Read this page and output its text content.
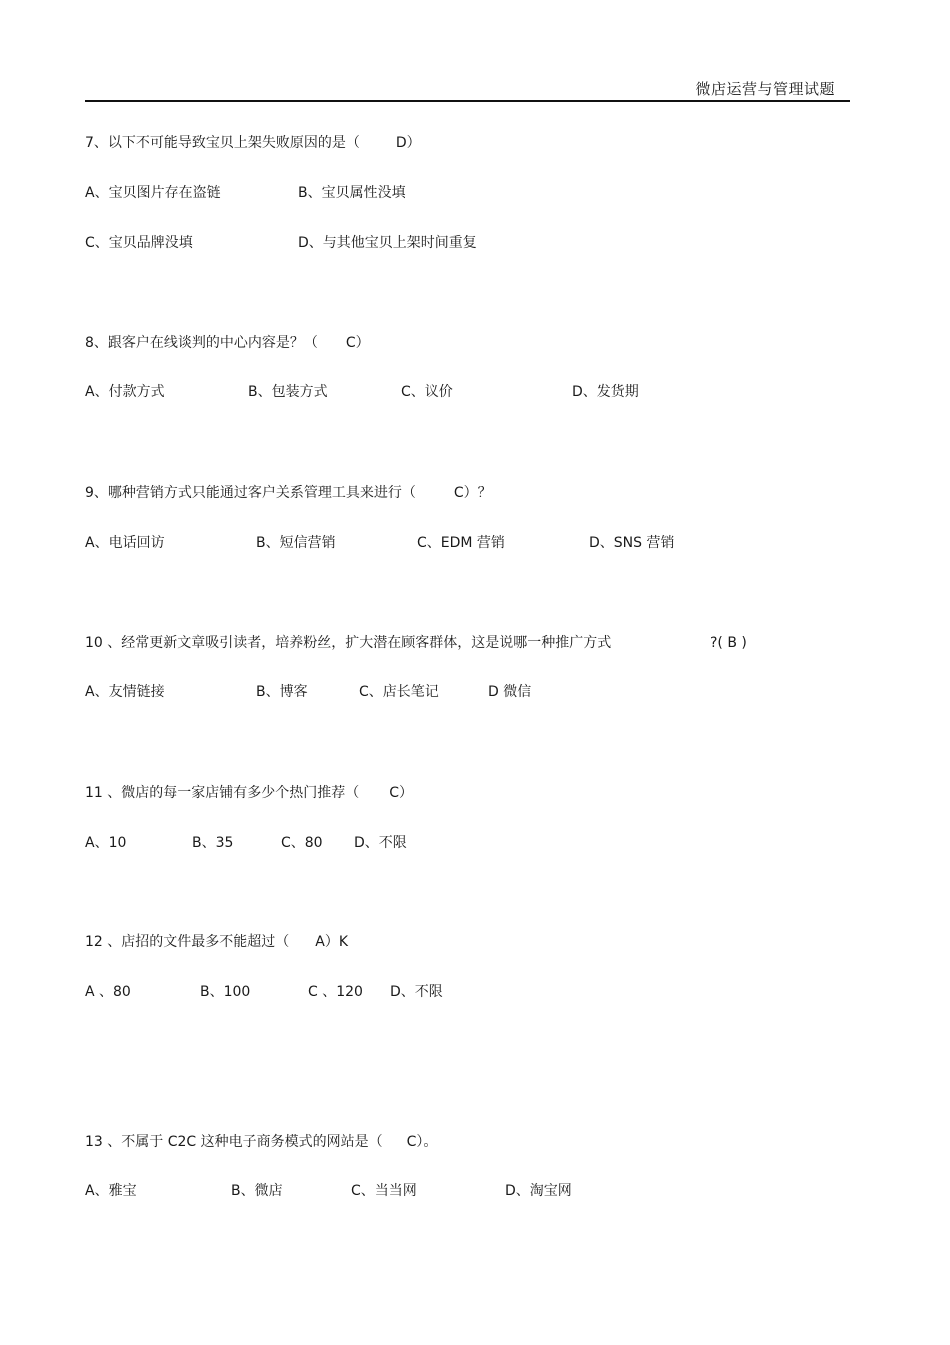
微店运营与管理试题
7、以下不可能导致宝贝上架失败原因的是（	D）
A、宝贝图片存在盗链	B、宝贝属性没填
C、宝贝品牌没填	D、与其他宝贝上架时间重复
8、跟客户在线谈判的中心内容是？（ C）
A、付款方式	B、包装方式	C、议价	D、发货期
9、哪种营销方式只能通过客户关系管理工具来进行（	C）？
A、电话回访	B、短信营销	C、EDM 营销	D、SNS 营销
10 、经常更新文章吸引读者，培养粉丝，扩大潜在顾客群体，这是说哪一种推广方式	?( B )
A、友情链接	B、博客	C、店长笔记	D 微信
11 、微店的每一家店铺有多少个热门推荐（ C）
A、10	B、35	C、80 D、不限
12 、店招的文件最多不能超过（ A）K
A 、80	B、100	C 、120 D、不限
13 、不属于 C2C 这种电子商务模式的网站是（ C）。
A、雅宝	B、微店	C、当当网	D、淘宝网
